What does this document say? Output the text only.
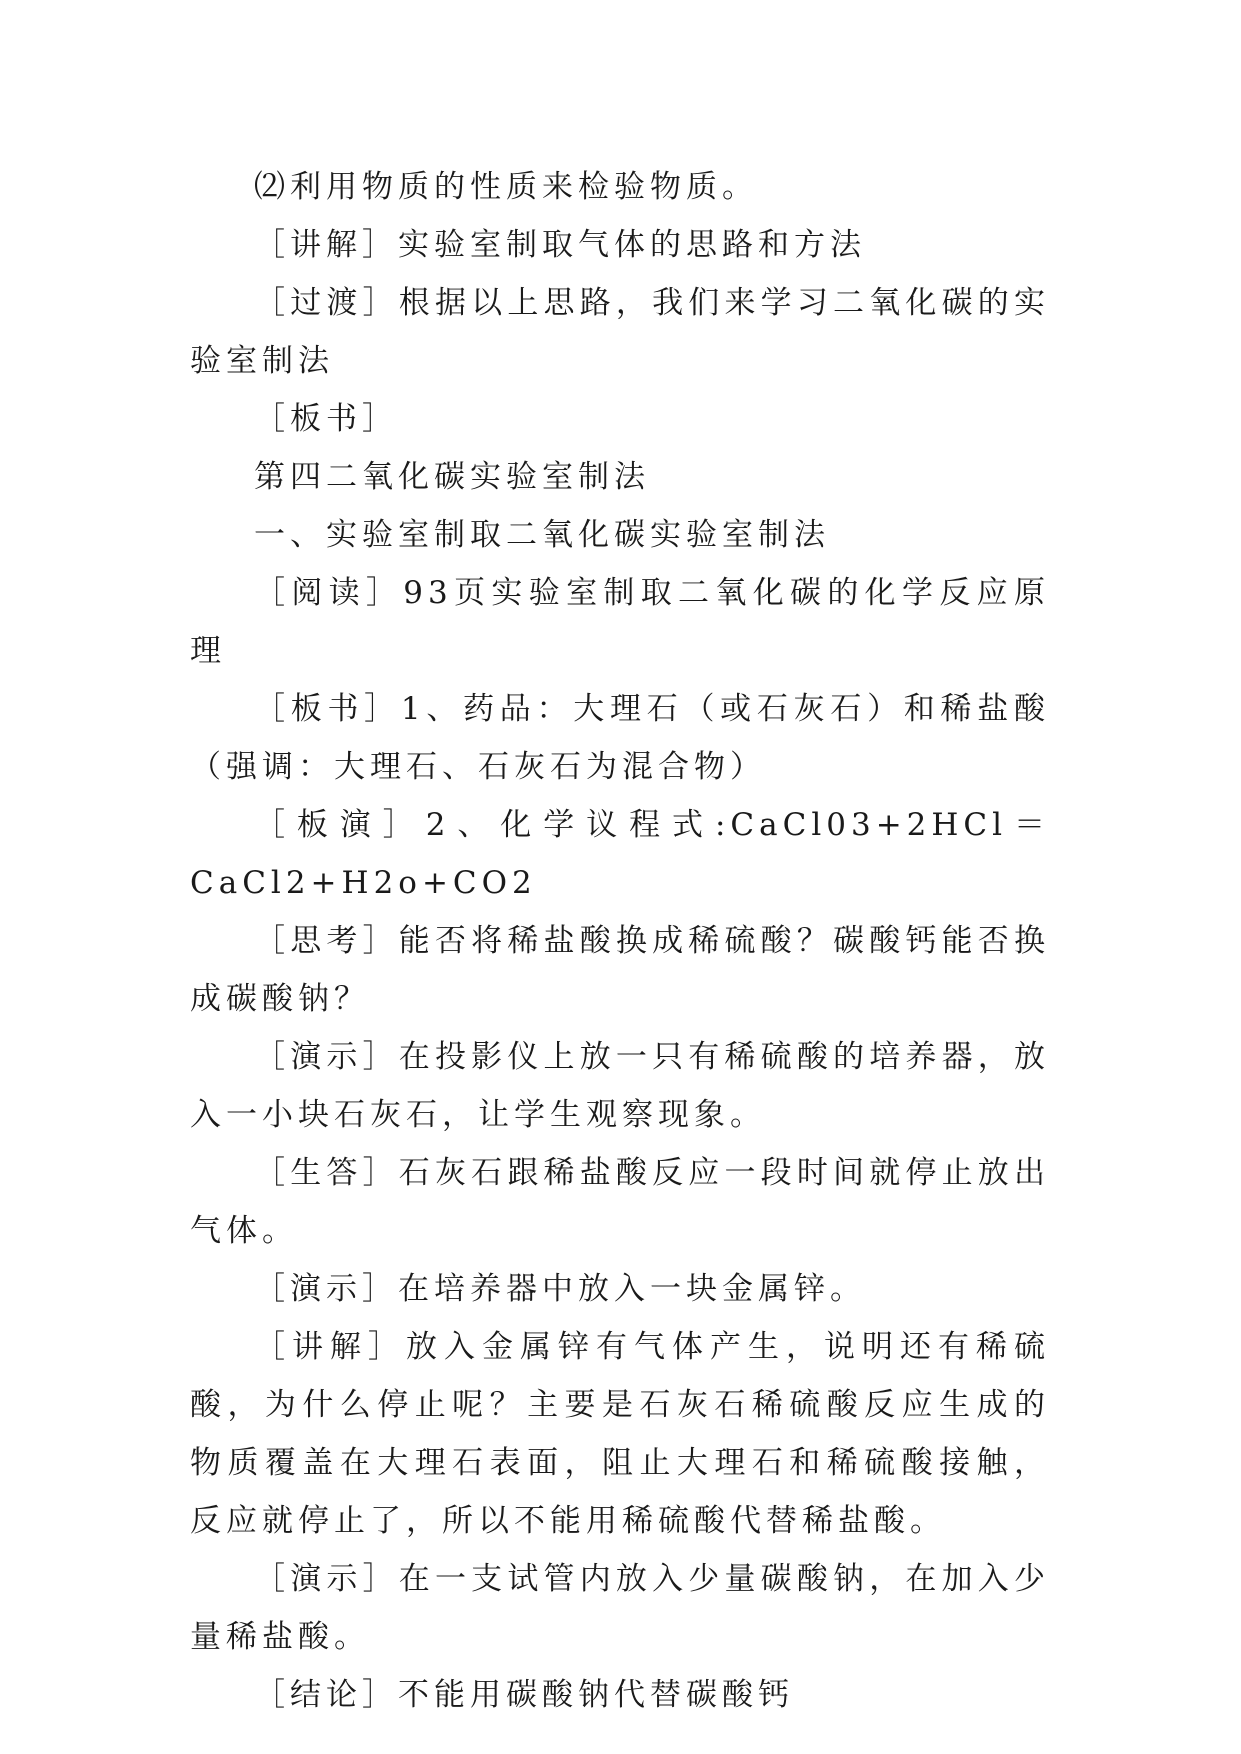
⑵利用物质的性质来检验物质。

［讲解］实验室制取气体的思路和方法

［过渡］根据以上思路，我们来学习二氧化碳的实验室制法

［板书］

第四二氧化碳实验室制法

一、实验室制取二氧化碳实验室制法

［阅读］93页实验室制取二氧化碳的化学反应原理

［板书］1、药品：大理石（或石灰石）和稀盐酸（强调：大理石、石灰石为混合物）

［板演］2、化学议程式:CaCl03+2HCl＝CaCl2+H2o+CO2

［思考］能否将稀盐酸换成稀硫酸？碳酸钙能否换成碳酸钠？

［演示］在投影仪上放一只有稀硫酸的培养器，放入一小块石灰石，让学生观察现象。

［生答］石灰石跟稀盐酸反应一段时间就停止放出气体。

［演示］在培养器中放入一块金属锌。

［讲解］放入金属锌有气体产生，说明还有稀硫酸，为什么停止呢？主要是石灰石稀硫酸反应生成的物质覆盖在大理石表面，阻止大理石和稀硫酸接触，反应就停止了，所以不能用稀硫酸代替稀盐酸。

［演示］在一支试管内放入少量碳酸钠，在加入少量稀盐酸。

［结论］不能用碳酸钠代替碳酸钙
